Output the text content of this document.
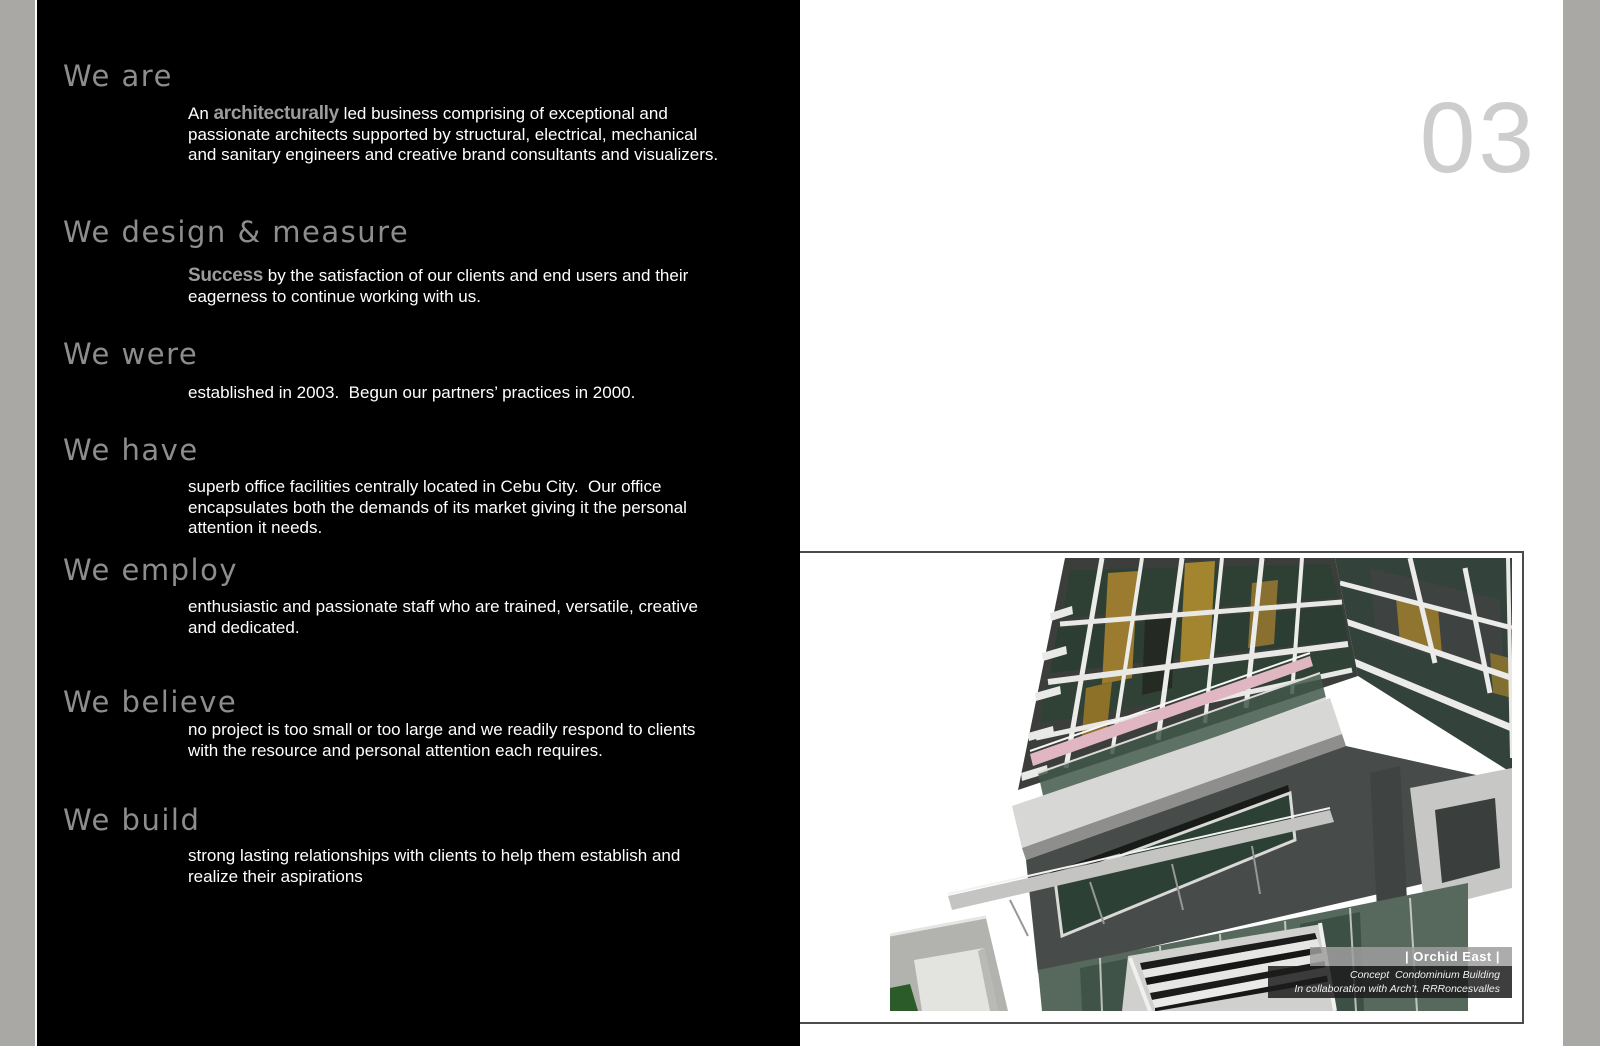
We are
An architecturally led business comprising of exceptional and passionate architects supported by structural, electrical, mechanical and sanitary engineers and creative brand consultants and visualizers.
We design & measure
Success by the satisfaction of our clients and end users and their eagerness to continue working with us.
We were
established in 2003.  Begun our partners’ practices in 2000.
We have
superb office facilities centrally located in Cebu City.  Our office encapsulates both the demands of its market giving it the personal attention it needs.
We employ
enthusiastic and passionate staff who are trained, versatile, creative and dedicated.
We believe
no project is too small or too large and we readily respond to clients with the resource and personal attention each requires.
We build
strong lasting relationships with clients to help them establish and realize their aspirations
03
| Orchid East |
Concept  Condominium Building
In collaboration with Arch’t. RRRoncesvalles
